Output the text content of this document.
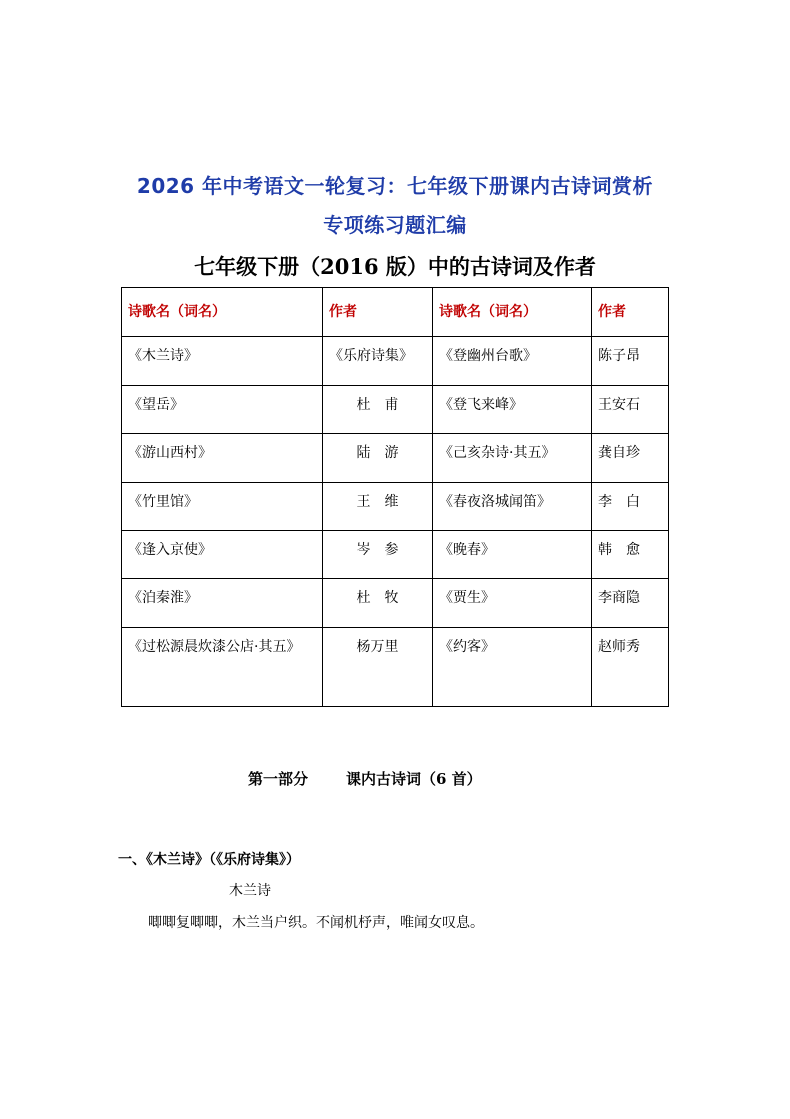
2026 年中考语文一轮复习：七年级下册课内古诗词赏析
专项练习题汇编
七年级下册（2016 版）中的古诗词及作者
诗歌名（词名）	作者	诗歌名（词名）	作者
《木兰诗》	《乐府诗集》	《登幽州台歌》	陈子昂
《望岳》	杜　甫	《登飞来峰》	王安石
《游山西村》	陆　游	《己亥杂诗·其五》	龚自珍
《竹里馆》	王　维	《春夜洛城闻笛》	李　白
《逢入京使》	岑　参	《晚春》	韩　愈
《泊秦淮》	杜　牧	《贾生》	李商隐
《过松源晨炊漆公店·其五》	杨万里	《约客》	赵师秀
第一部分	课内古诗词（6 首）
一、《木兰诗》（《乐府诗集》）
木兰诗
唧唧复唧唧，木兰当户织。不闻机杼声，唯闻女叹息。
